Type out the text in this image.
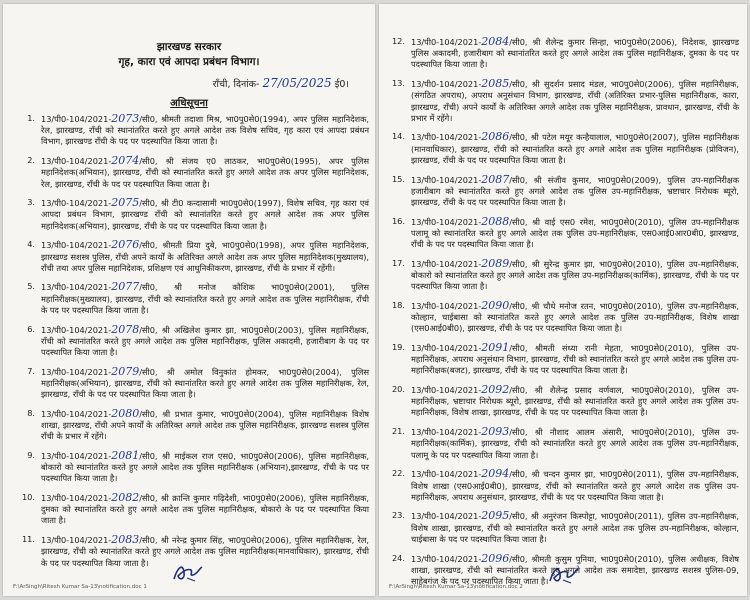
झारखण्ड सरकार
गृह, कारा एवं आपदा प्रबंधन विभाग।
राँची, दिनांक- 27/05/2025 ई0।
अधिसूचना
1. 13/पी0-104/2021-2073/सी0, श्रीमती तदाशा मिश्र, भा0पु0से0(1994), अपर पुलिस महानिदेशक, रेल, झारखण्ड, राँची को स्थानांतरित करते हुए अगले आदेश तक विशेष सचिव, गृह कारा एवं आपदा प्रबंधन विभाग, झारखण्ड राँची के पद पर पदस्थापित किया जाता है।
2. 13/पी0-104/2021-2074/सी0, श्री संजय ए0 लाठकर, भा0पु0से0(1995), अपर पुलिस महानिदेशक(अभियान), झारखण्ड, राँची को स्थानांतरित करते हुए अगले आदेश तक अपर पुलिस महानिदेशक, रेल, झारखण्ड, राँची के पद पर पदस्थापित किया जाता है।
3. 13/पी0-104/2021-2075/सी0, श्री टी0 कन्दासामी भा0पु0से0(1997), विशेष सचिव, गृह कारा एवं आपदा प्रबंधन विभाग, झारखण्ड राँची को स्थानांतरित करते हुए अगले आदेश तक अपर पुलिस महानिदेशक(अभियान), झारखण्ड, राँची के पद पर पदस्थापित किया जाता है।
4. 13/पी0-104/2021-2076/सी0, श्रीमती प्रिया दुबे, भा0पु0से0(1998), अपर पुलिस महानिदेशक, झारखण्ड सशस्त्र पुलिस, राँची अपने कार्यों के अतिरिक्त अगले आदेश तक अपर पुलिस महानिदेशक(मुख्यालय), राँची तथा अपर पुलिस महानिदेशक, प्रशिक्षण एवं आधुनिकीकरण, झारखण्ड, राँची के प्रभार में रहेंगी।
5. 13/पी0-104/2021-2077/सी0, श्री मनोज कौशिक भा0पु0से0(2001), पुलिस महानिरीक्षक(मुख्यालय), झारखण्ड, राँची को स्थानांतरित करते हुए अगले आदेश तक पुलिस महानिरीक्षक, राँची के पद पर पदस्थापित किया जाता है।
6. 13/पी0-104/2021-2078/सी0, श्री अखिलेश कुमार झा, भा0पु0से0(2003), पुलिस महानिरीक्षक, राँची को स्थानांतरित करते हुए अगले आदेश तक पुलिस महानिरीक्षक, पुलिस अकादमी, हजारीबाग के पद पर पदस्थापित किया जाता है।
7. 13/पी0-104/2021-2079/सी0, श्री अमोल विनुकांत होमकर, भा0पु0से0(2004), पुलिस महानिरीक्षक(अभियान), झारखण्ड, राँची को स्थानांतरित करते हुए अगले आदेश तक पुलिस महानिरीक्षक, रेल, झारखण्ड, राँची के पद पर पदस्थापित किया जाता है।
8. 13/पी0-104/2021-2080/सी0, श्री प्रभात कुमार, भा0पु0से0(2004), पुलिस महानिरीक्षक विशेष शाखा, झारखण्ड, राँची अपने कार्यों के अतिरिक्त अगले आदेश तक पुलिस महानिरीक्षक, झारखण्ड सशस्त्र पुलिस राँची के प्रभार में रहेंगे।
9. 13/पी0-104/2021-2081/सी0, श्री माईकल राज एस0, भा0पु0से0(2006), पुलिस महानिरीक्षक, बोकारो को स्थानांतरित करते हुए अगले आदेश तक पुलिस महानिरीक्षक (अभियान),झारखण्ड, राँची के पद पर पदस्थापित किया जाता है।
10. 13/पी0-104/2021-2082/सी0, श्री क्रान्ति कुमार गढ़िदेशी, भा0पु0से0(2006), पुलिस महानिरीक्षक, दुमका को स्थानांतरित करते हुए अगले आदेश तक पुलिस महानिरीक्षक, बोकारो के पद पर पदस्थापित किया जाता है।
11. 13/पी0-104/2021-2083/सी0, श्री नरेन्द्र कुमार सिंह, भा0पु0से0(2006), पुलिस महानिरीक्षक, रेल, झारखण्ड, राँची को स्थानांतरित करते हुए अगले आदेश तक पुलिस महानिरीक्षक(मानवाधिकार), झारखण्ड, राँची के पद पर पदस्थापित किया जाता है।
F:\ArSingh\Ritesh Kumar Sa-13\notification.doc 1
12. 13/पी0-104/2021-2084/सी0, श्री शैलेन्द्र कुमार सिन्हा, भा0पु0से0(2006), निदेशक, झारखण्ड पुलिस अकादमी, हजारीबाग को स्थानांतरित करते हुए अगले आदेश तक पुलिस महानिरीक्षक, दुमका के पद पर पदस्थापित किया जाता है।
13. 13/पी0-104/2021-2085/सी0, श्री सुदर्शन प्रसाद मंडल, भा0पु0से0(2006), पुलिस महानिरीक्षक, (संगठित अपराध), अपराध अनुसंधान विभाग, झारखण्ड, राँची (अतिरिक्त प्रभार-पुलिस महानिरीक्षक, कारा, झारखण्ड, राँची) अपने कार्यों के अतिरिक्त अगले आदेश तक पुलिस महानिरीक्षक, प्रावधान, झारखण्ड, राँची के प्रभार में रहेंगे।
14. 13/पी0-104/2021-2086/सी0, श्री पटेल मयूर कन्हैयालाल, भा0पु0से0(2007), पुलिस महानिरीक्षक (मानवाधिकार), झारखण्ड, राँची को स्थानांतरित करते हुए अगले आदेश तक पुलिस महानिरीक्षक (प्रोविजन), झारखण्ड, राँची के पद पर पदस्थापित किया जाता है।
15. 13/पी0-104/2021-2087/सी0, श्री संजीव कुमार, भा0पु0से0(2009), पुलिस उप-महानिरीक्षक हजारीबाग को स्थानांतरित करते हुए अगले आदेश तक पुलिस उप-महानिरीक्षक, भ्रष्टाचार निरोधक ब्यूरो, झारखण्ड, राँची के पद पर पदस्थापित किया जाता है।
16. 13/पी0-104/2021-2088/सी0, श्री वाई एस0 रमेश, भा0पु0से0(2010), पुलिस उप-महानिरीक्षक पलामू को स्थानांतरित करते हुए अगले आदेश तक पुलिस उप-महानिरीक्षक, एस0आई0आर0बी0, झारखण्ड, राँची के पद पर पदस्थापित किया जाता है।
17. 13/पी0-104/2021-2089/सी0, श्री सुरेन्द्र कुमार झा, भा0पु0से0(2010), पुलिस उप-महानिरीक्षक, बोकारो को स्थानांतरित करते हुए अगले आदेश तक पुलिस उप-महानिरीक्षक(कार्मिक), झारखण्ड, राँची के पद पर पदस्थापित किया जाता है।
18. 13/पी0-104/2021-2090/सी0, श्री चौधे मनोज रतन, भा0पु0से0(2010), पुलिस उप-महानिरीक्षक, कोल्हान, चाईबासा को स्थानांतरित करते हुए अगले आदेश तक पुलिस उप-महानिरीक्षक, विशेष शाखा (एस0आई0बी0), झारखण्ड, राँची के पद पर पदस्थापित किया जाता है।
19. 13/पी0-104/2021-2091/सी0, श्रीमती संध्या रानी मेहता, भा0पु0से0(2010), पुलिस उप-महानिरीक्षक, अपराध अनुसंधान विभाग, झारखण्ड, राँची को स्थानांतरित करते हुए अगले आदेश तक पुलिस उप-महानिरीक्षक(बजट), झारखण्ड, राँची के पद पर पदस्थापित किया जाता है।
20. 13/पी0-104/2021-2092/सी0, श्री शैलेन्द्र प्रसाद वर्णवाल, भा0पु0से0(2010), पुलिस उप-महानिरीक्षक, भ्रष्टाचार निरोधक ब्यूरो, झारखण्ड, राँची को स्थानांतरित करते हुए अगले आदेश तक पुलिस उप-महानिरीक्षक, विशेष शाखा, झारखण्ड, राँची के पद पर पदस्थापित किया जाता है।
21. 13/पी0-104/2021-2093/सी0, श्री नौशाद आलम अंसारी, भा0पु0से0(2010), पुलिस उप-महानिरीक्षक(कार्मिक), झारखण्ड, राँची को स्थानांतरित करते हुए अगले आदेश तक पुलिस उप-महानिरीक्षक, पलामू के पद पर पदस्थापित किया जाता है।
22. 13/पी0-104/2021-2094/सी0, श्री चन्दन कुमार झा, भा0पु0से0(2011), पुलिस उप-महानिरीक्षक, विशेष शाखा (एस0आई0बी0), झारखण्ड, राँची को स्थानांतरित करते हुए अगले आदेश तक पुलिस उप-महानिरीक्षक, अपराध अनुसंधान, झारखण्ड, राँची के पद पर पदस्थापित किया जाता है।
23. 13/पी0-104/2021-2095/सी0, श्री अनुरंजन किस्पोट्टा, भा0पु0से0(2011), पुलिस उप-महानिरीक्षक, विशेष शाखा, झारखण्ड, राँची को स्थानांतरित करते हुए अगले आदेश तक पुलिस उप-महानिरीक्षक, कोल्हान, चाईबासा के पद पर पदस्थापित किया जाता है।
24. 13/पी0-104/2021-2096/सी0, श्रीमती कुसुम पुनिया, भा0पु0से0(2010), पुलिस अधीक्षक, विशेष शाखा, झारखण्ड, राँची को स्थानांतरित करते हुए अगले आदेश तक समादेष्टा, झारखण्ड सशस्त्र पुलिस-09, साहेबगंज के पद पर पदस्थापित किया जाता है।
F:\ArSingh\Ritesh Kumar Sa-13\notification.doc 2
